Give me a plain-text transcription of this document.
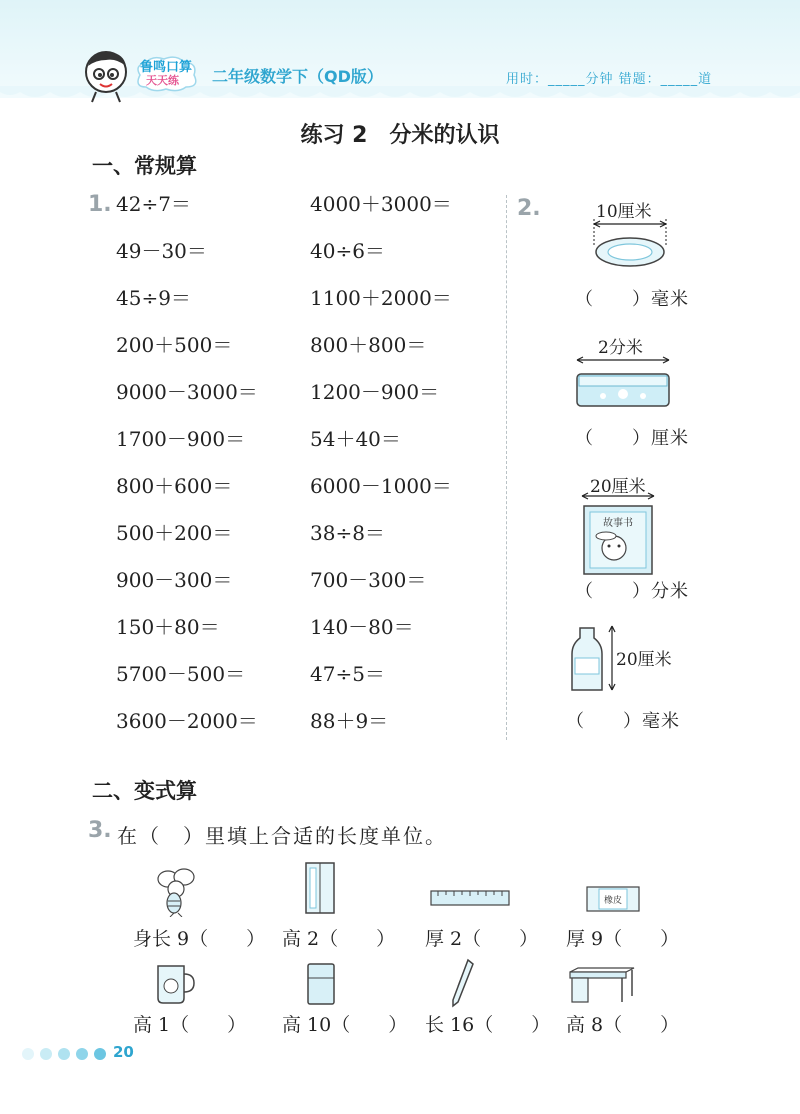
鲁鸣口算
天天练 二年级数学下（QD版）	用时：_____分钟 错题：_____道
练习 2　分米的认识
一、常规算
1. 42÷7＝
49－30＝
45÷9＝
200＋500＝
9000－3000＝
1700－900＝
800＋600＝
500＋200＝
900－300＝
150＋80＝
5700－500＝
3600－2000＝
4000＋3000＝
40÷6＝
1100＋2000＝
800＋800＝
1200－900＝
54＋40＝
6000－1000＝
38÷8＝
700－300＝
140－80＝
47÷5＝
88＋9＝
2.	10厘米
（　　）毫米
2分米
（　　）厘米
20厘米
故事书
（　　）分米
20厘米
（　　）毫米
二、变式算
3. 在（　）里填上合适的长度单位。
橡皮
身长 9（　　） 高 2（　　） 厚 2（　　） 厚 9（　　）
高 1（　　） 高 10（　　） 长 16（　　） 高 8（　　）
20
